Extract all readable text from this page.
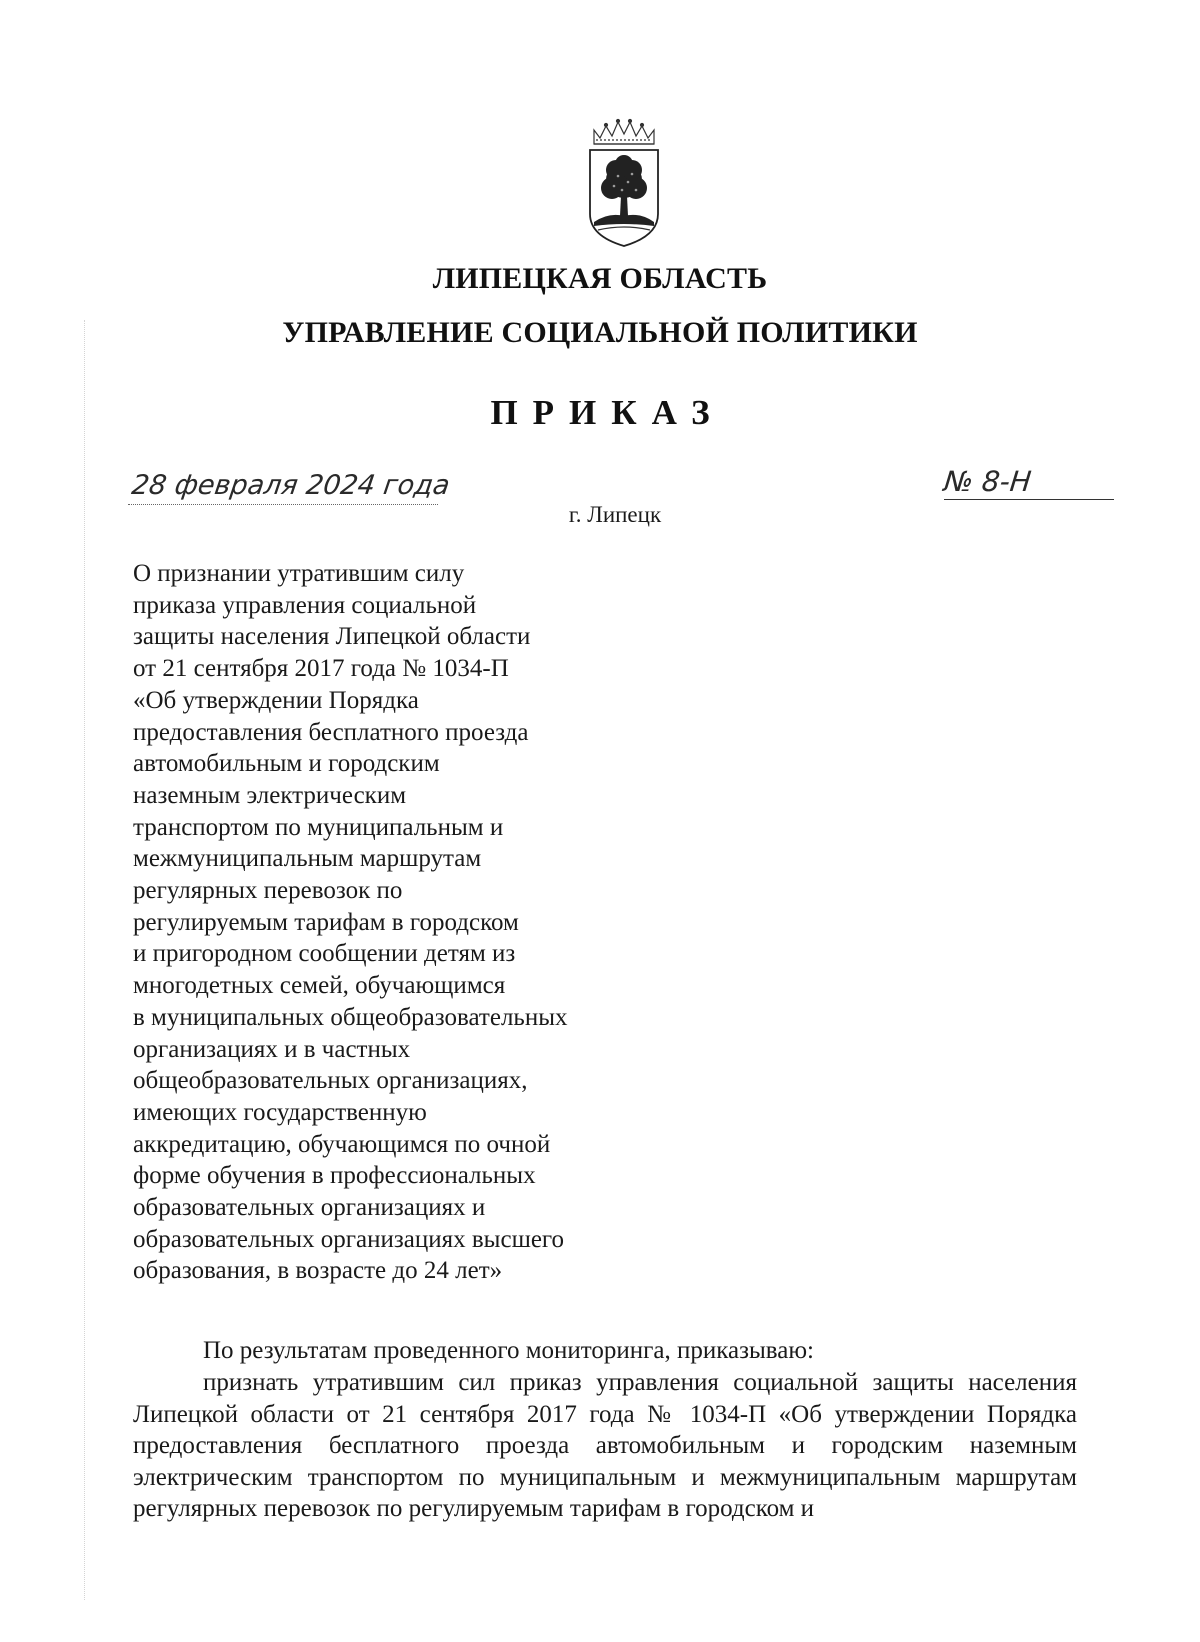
ЛИПЕЦКАЯ ОБЛАСТЬ
УПРАВЛЕНИЕ СОЦИАЛЬНОЙ ПОЛИТИКИ
ПРИКАЗ
28 февраля 2024 года	№ 8-Н
г. Липецк
О признании утратившим силу
приказа управления социальной
защиты населения Липецкой области
от 21 сентября 2017 года № 1034-П
«Об утверждении Порядка
предоставления бесплатного проезда
автомобильным и городским
наземным электрическим
транспортом по муниципальным и
межмуниципальным маршрутам
регулярных перевозок по
регулируемым тарифам в городском
и пригородном сообщении детям из
многодетных семей, обучающимся
в муниципальных общеобразовательных
организациях и в частных
общеобразовательных организациях,
имеющих государственную
аккредитацию, обучающимся по очной
форме обучения в профессиональных
образовательных организациях и
образовательных организациях высшего
образования, в возрасте до 24 лет»

По результатам проведенного мониторинга, приказываю:

признать утратившим сил приказ управления социальной защиты населения Липецкой области от 21 сентября 2017 года № 1034-П «Об утверждении Порядка предоставления бесплатного проезда автомобильным и городским наземным электрическим транспортом по муниципальным и межмуниципальным маршрутам регулярных перевозок по регулируемым тарифам в городском и
